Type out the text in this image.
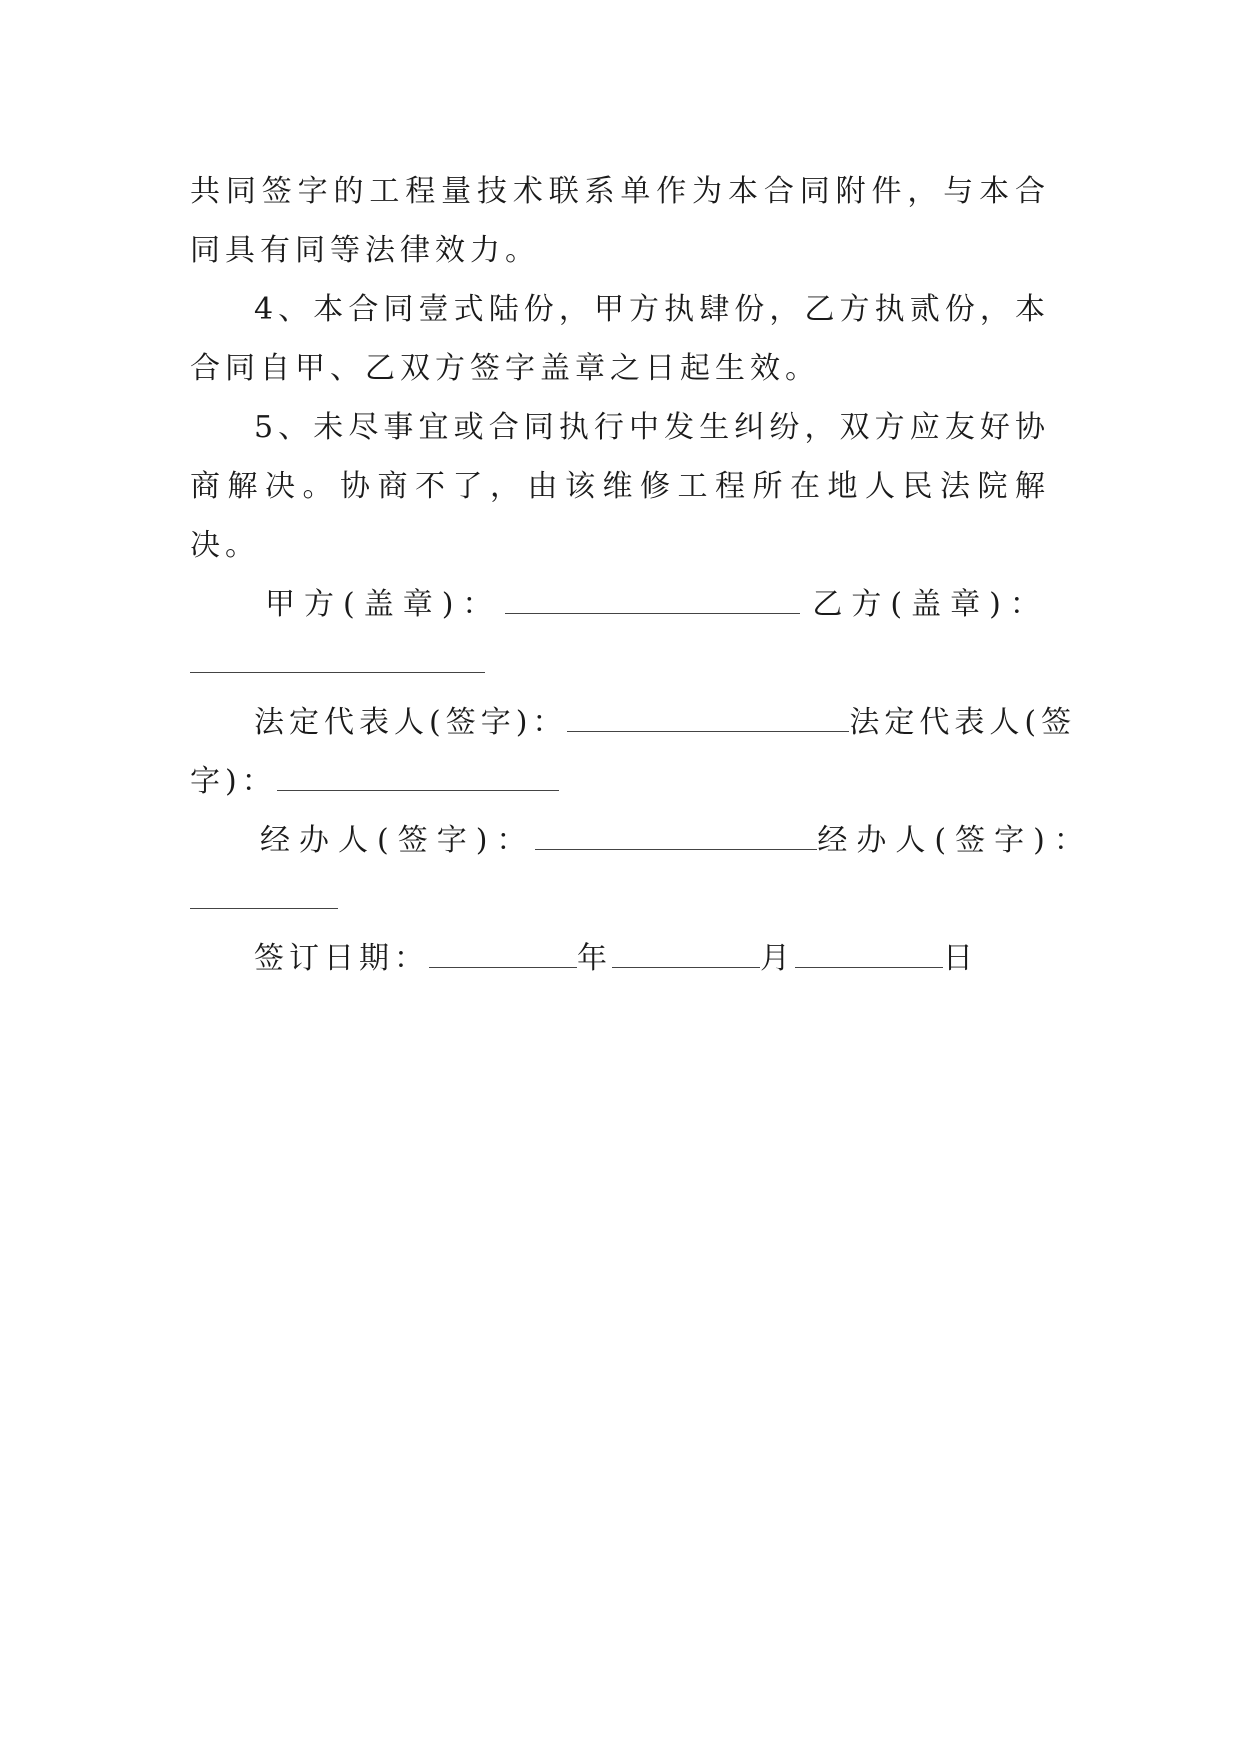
共同签字的工程量技术联系单作为本合同附件，与本合同具有同等法律效力。

4、本合同壹式陆份，甲方执肆份，乙方执贰份，本合同自甲、乙双方签字盖章之日起生效。

5、未尽事宜或合同执行中发生纠纷，双方应友好协商解决。协商不了，由该维修工程所在地人民法院解决。

甲方(盖章)：	乙方(盖章)：

法定代表人(签字)：	法定代表人(签

字)：

经办人(签字)：	经办人(签字)：

签订日期：	年	月	日
